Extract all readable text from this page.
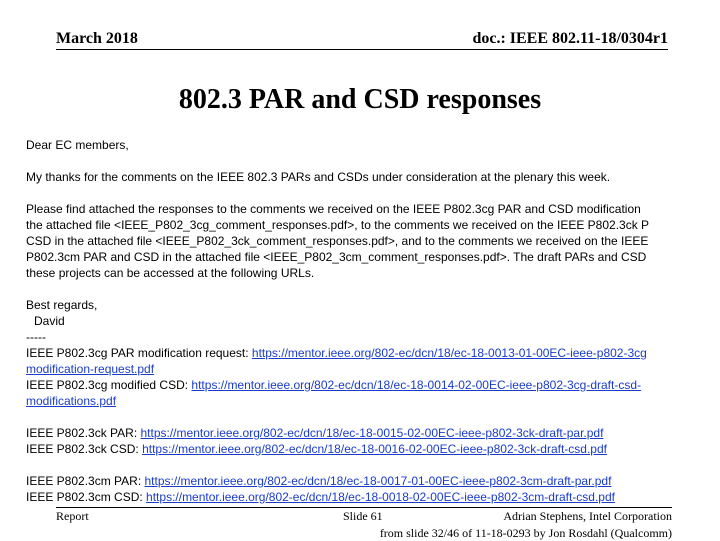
March 2018	doc.: IEEE 802.11-18/0304r1
802.3 PAR and CSD responses

Dear EC members,

My thanks for the comments on the IEEE 802.3 PARs and CSDs under consideration at the plenary this week.

Please find attached the responses to the comments we received on the IEEE P802.3cg PAR and CSD modification

the attached file <IEEE_P802_3cg_comment_responses.pdf>, to the comments we received on the IEEE P802.3ck P

CSD in the attached file <IEEE_P802_3ck_comment_responses.pdf>, and to the comments we received on the IEEE

P802.3cm PAR and CSD in the attached file <IEEE_P802_3cm_comment_responses.pdf>. The draft PARs and CSD

these projects can be accessed at the following URLs.

Best regards,

David

-----

IEEE P802.3cg PAR modification request: https://mentor.ieee.org/802-ec/dcn/18/ec-18-0013-01-00EC-ieee-p802-3cg

modification-request.pdf

IEEE P802.3cg modified CSD: https://mentor.ieee.org/802-ec/dcn/18/ec-18-0014-02-00EC-ieee-p802-3cg-draft-csd-

modifications.pdf

IEEE P802.3ck PAR: https://mentor.ieee.org/802-ec/dcn/18/ec-18-0015-02-00EC-ieee-p802-3ck-draft-par.pdf

IEEE P802.3ck CSD: https://mentor.ieee.org/802-ec/dcn/18/ec-18-0016-02-00EC-ieee-p802-3ck-draft-csd.pdf

IEEE P802.3cm PAR: https://mentor.ieee.org/802-ec/dcn/18/ec-18-0017-01-00EC-ieee-p802-3cm-draft-par.pdf

IEEE P802.3cm CSD: https://mentor.ieee.org/802-ec/dcn/18/ec-18-0018-02-00EC-ieee-p802-3cm-draft-csd.pdf

Report	Slide 61	Adrian Stephens, Intel Corporation
from slide 32/46 of 11-18-0293 by Jon Rosdahl (Qualcomm)
